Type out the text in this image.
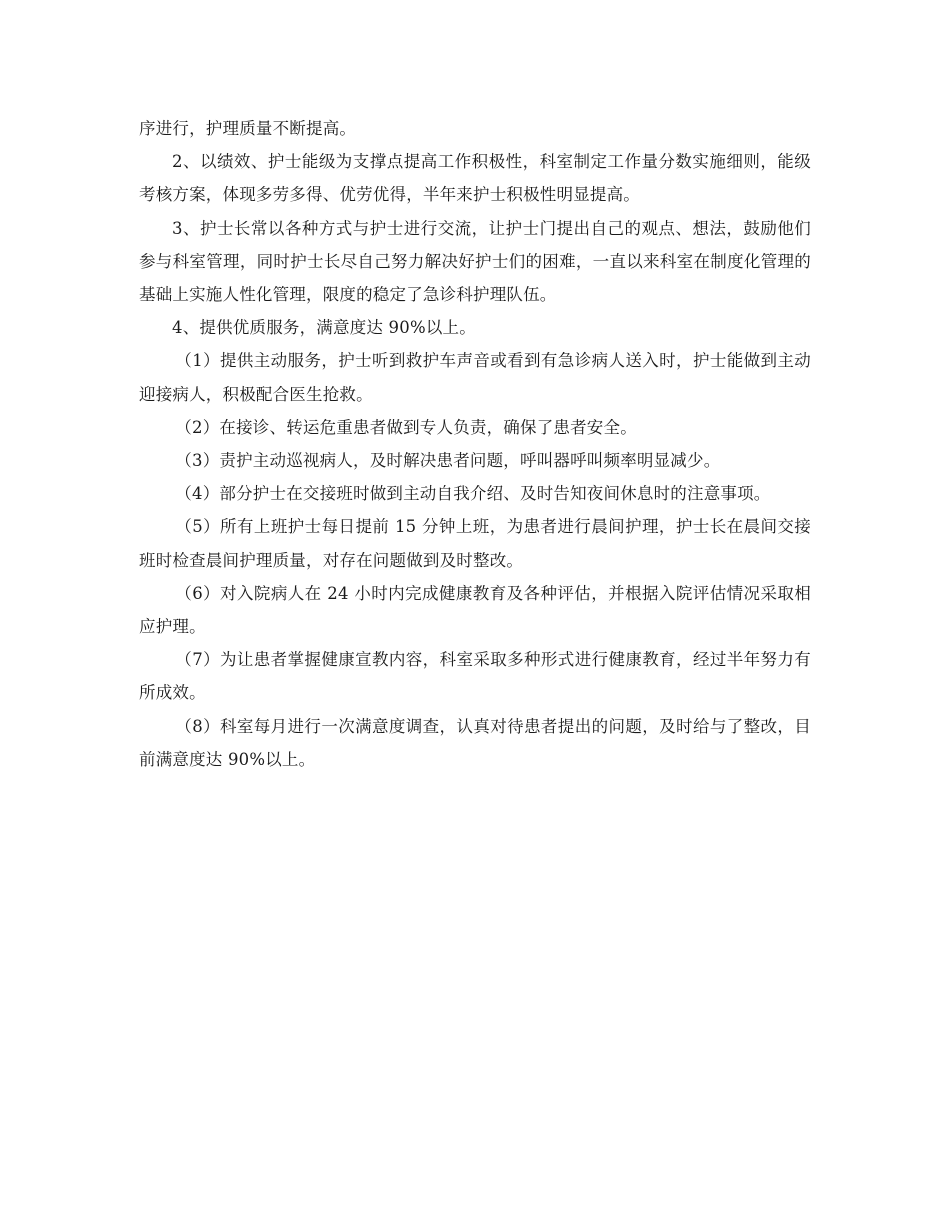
序进行，护理质量不断提高。

2、以绩效、护士能级为支撑点提高工作积极性，科室制定工作量分数实施细则，能级考核方案，体现多劳多得、优劳优得，半年来护士积极性明显提高。

3、护士长常以各种方式与护士进行交流，让护士门提出自己的观点、想法，鼓励他们参与科室管理，同时护士长尽自己努力解决好护士们的困难，一直以来科室在制度化管理的基础上实施人性化管理，限度的稳定了急诊科护理队伍。

4、提供优质服务，满意度达 90%以上。

（1）提供主动服务，护士听到救护车声音或看到有急诊病人送入时，护士能做到主动迎接病人，积极配合医生抢救。

（2）在接诊、转运危重患者做到专人负责，确保了患者安全。

（3）责护主动巡视病人，及时解决患者问题，呼叫器呼叫频率明显减少。

（4）部分护士在交接班时做到主动自我介绍、及时告知夜间休息时的注意事项。

（5）所有上班护士每日提前 15 分钟上班，为患者进行晨间护理，护士长在晨间交接班时检查晨间护理质量，对存在问题做到及时整改。

（6）对入院病人在 24 小时内完成健康教育及各种评估，并根据入院评估情况采取相应护理。

（7）为让患者掌握健康宣教内容，科室采取多种形式进行健康教育，经过半年努力有所成效。

（8）科室每月进行一次满意度调查，认真对待患者提出的问题，及时给与了整改，目前满意度达 90%以上。
